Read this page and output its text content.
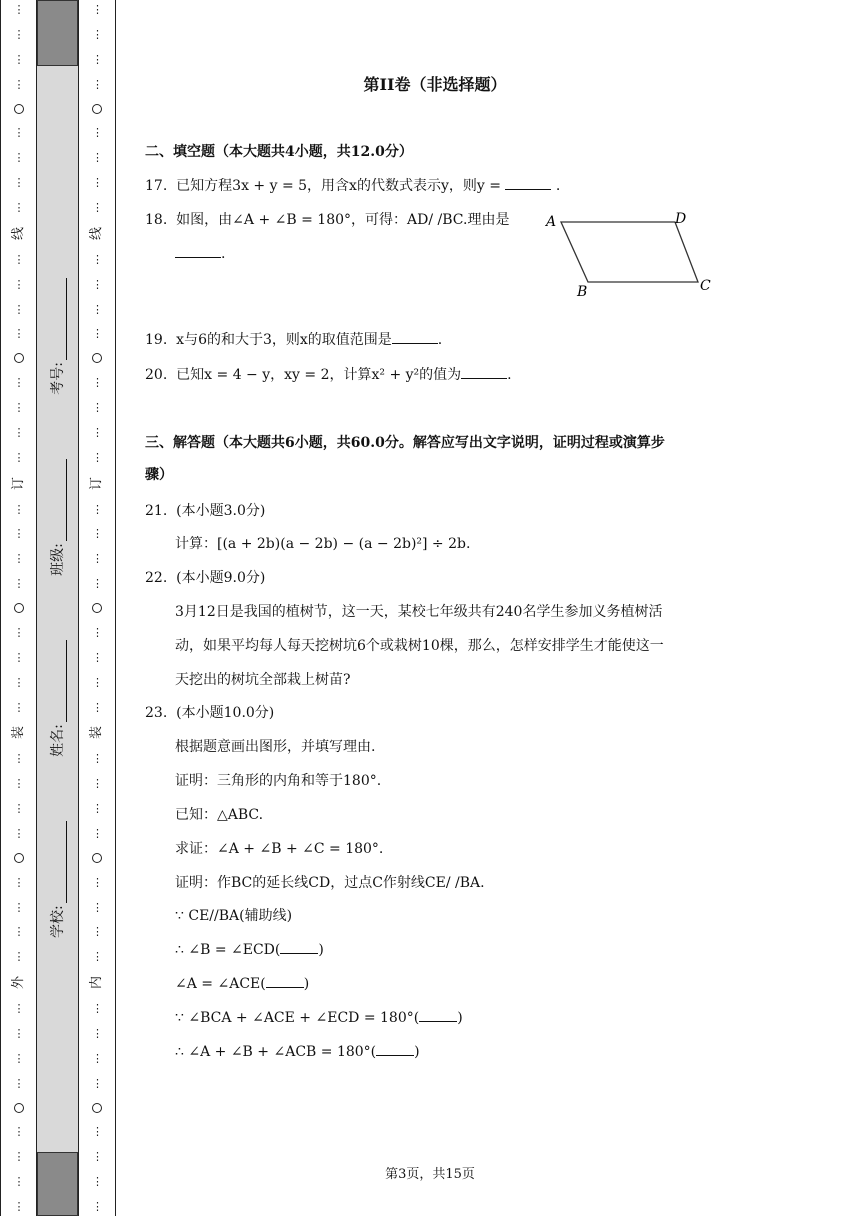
⋮
⋮
⋮
⋮
⋮
⋮
⋮
⋮
线
⋮
⋮
⋮
⋮
⋮
⋮
⋮
⋮
订
⋮
⋮
⋮
⋮
⋮
⋮
⋮
⋮
装
⋮
⋮
⋮
⋮
⋮
⋮
⋮
⋮
外
⋮
⋮
⋮
⋮
⋮
⋮
⋮
⋮
⋮
⋮
⋮
⋮
⋮
⋮
⋮
⋮
线
⋮
⋮
⋮
⋮
⋮
⋮
⋮
⋮
订
⋮
⋮
⋮
⋮
⋮
⋮
⋮
⋮
装
⋮
⋮
⋮
⋮
⋮
⋮
⋮
⋮
内
⋮
⋮
⋮
⋮
⋮
⋮
⋮
⋮
学校:
姓名:
班级:
考号:
第II卷（非选择题）
二、填空题（本大题共4小题，共12.0分）
17. 已知方程3x + y = 5，用含x的代数式表示y，则y =	.
18. 如图，由∠A + ∠B = 180°，可得：AD/ /BC.理由是
.
19. x与6的和大于3，则x的取值范围是	.
20. 已知x = 4 − y，xy = 2，计算x² + y²的值为	.
三、解答题（本大题共6小题，共60.0分。解答应写出文字说明，证明过程或演算步
骤）
21. (本小题3.0分)
计算：[(a + 2b)(a − 2b) − (a − 2b)²] ÷ 2b.
22. (本小题9.0分)
3月12日是我国的植树节，这一天，某校七年级共有240名学生参加义务植树活
动，如果平均每人每天挖树坑6个或栽树10棵，那么，怎样安排学生才能使这一
天挖出的树坑全部栽上树苗?
23. (本小题10.0分)
根据题意画出图形，并填写理由.
证明：三角形的内角和等于180°.
已知：△ABC.
求证：∠A + ∠B + ∠C = 180°.
证明：作BC的延长线CD，过点C作射线CE/ /BA.
∵ CE//BA(辅助线)
∴ ∠B = ∠ECD(	)
∠A = ∠ACE(	)
∵ ∠BCA + ∠ACE + ∠ECD = 180°(	)
∴ ∠A + ∠B + ∠ACB = 180°(	)
A	D
B	C
第3页，共15页
